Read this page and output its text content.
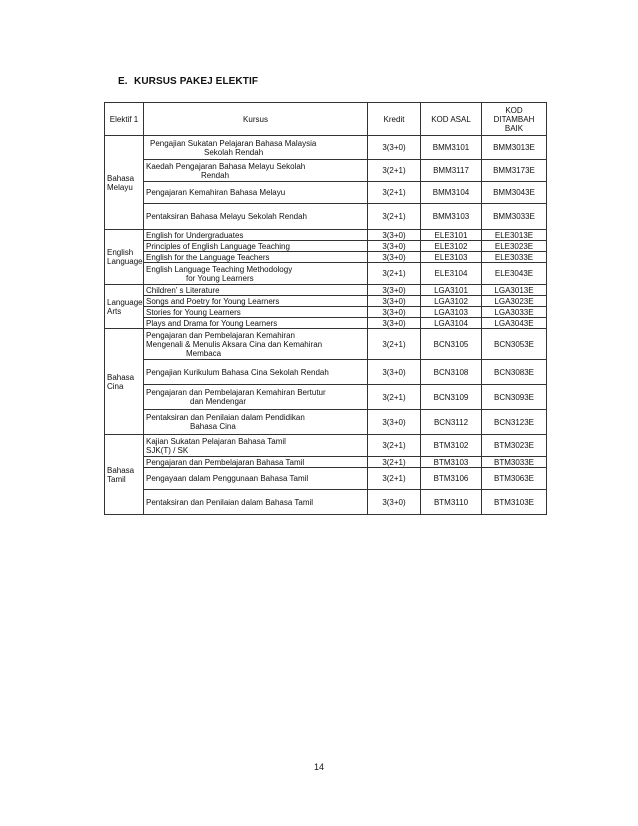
E. KURSUS PAKEJ ELEKTIF
Elektif 1	Kursus	Kredit	KOD ASAL	KOD DITAMBAH BAIK
Bahasa Melayu	Pengajian Sukatan Pelajaran Bahasa Malaysia
Sekolah Rendah	3(3+0)	BMM3101	BMM3013E

	Kaedah Pengajaran Bahasa Melayu Sekolah
Rendah	3(2+1)	BMM3117	BMM3173E
	Pengajaran Kemahiran Bahasa Melayu	3(2+1)	BMM3104	BMM3043E
	Pentaksiran Bahasa Melayu Sekolah Rendah	3(2+1)	BMM3103	BMM3033E
English Language	English for Undergraduates	3(3+0)	ELE3101	ELE3013E
	Principles of English Language Teaching	3(3+0)	ELE3102	ELE3023E
	English for the Language Teachers	3(3+0)	ELE3103	ELE3033E

	English Language Teaching Methodology
for Young Learners	3(2+1)	ELE3104	ELE3043E
Language Arts	Children’ s Literature	3(3+0)	LGA3101	LGA3013E
	Songs and Poetry for Young Learners	3(3+0)	LGA3102	LGA3023E
	Stories for Young Learners	3(3+0)	LGA3103	LGA3033E
	Plays and Drama for Young Learners	3(3+0)	LGA3104	LGA3043E
Bahasa Cina	Pengajaran dan Pembelajaran Kemahiran
Mengenali & Menulis Aksara Cina dan Kemahiran
Membaca	3(2+1)	BCN3105	BCN3053E
	Pengajian Kurikulum Bahasa Cina Sekolah Rendah	3(3+0)	BCN3108	BCN3083E

	Pengajaran dan Pembelajaran Kemahiran Bertutur
dan Mendengar	3(2+1)	BCN3109	BCN3093E

	Pentaksiran dan Penilaian dalam Pendidikan
Bahasa Cina	3(3+0)	BCN3112	BCN3123E
Bahasa Tamil	Kajian Sukatan Pelajaran Bahasa Tamil
SJK(T) / SK	3(2+1)	BTM3102	BTM3023E
	Pengajaran dan Pembelajaran Bahasa Tamil	3(2+1)	BTM3103	BTM3033E
	Pengayaan dalam Penggunaan Bahasa Tamil	3(2+1)	BTM3106	BTM3063E
	Pentaksiran dan Penilaian dalam Bahasa Tamil	3(3+0)	BTM3110	BTM3103E
14
